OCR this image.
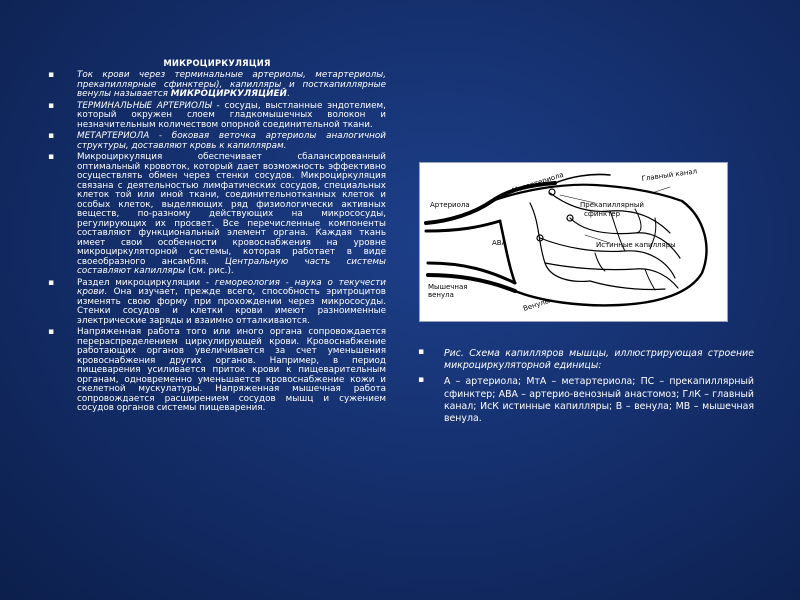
МИКРОЦИРКУЛЯЦИЯ
▪	Ток крови через терминальные артериолы, метартериолы, прекапиллярные сфинктеры), капилляры и посткапиллярные венулы называется МИКРОЦИРКУЛЯЦИЕЙ.
▪	ТЕРМИНАЛЬНЫЕ АРТЕРИОЛЫ - сосуды, выстланные эндотелием, который окружен слоем гладкомышечных волокон и незначительным количеством опорной соединительной ткани.
▪	МЕТАРТЕРИОЛА - боковая веточка артериолы аналогичной структуры, доставляют кровь к капиллярам.
▪	Микроциркуляция обеспечивает сбалансированный оптимальный кровоток, который дает возможность эффективно осуществлять обмен через стенки сосудов. Микроциркуляция связана с деятельностью лимфатических сосудов, специальных клеток той или иной ткани, соединительнотканных клеток и особых клеток, выделяющих ряд физиологически активных веществ, по-разному действующих на микрососуды, регулирующих их просвет. Все перечисленные компоненты составляют функциональный элемент органа. Каждая ткань имеет свои особенности кровоснабжения на уровне микроциркуляторной системы, которая работает в виде своеобразного ансамбля. Центральную часть системы составляют капилляры (см. рис.).
▪	Раздел микроциркуляции - гемореология - наука о текучести крови. Она изучает, прежде всего, способность эритроцитов изменять свою форму при прохождении через микрососуды. Стенки сосудов и клетки крови имеют разноименные электрические заряды и взаимно отталкиваются.
▪	Напряженная работа того или иного органа сопровождается перераспределением циркулирующей крови. Кровоснабжение работающих органов увеличивается за счет уменьшения кровоснабжения других органов. Например, в период пищеварения усиливается приток крови к пищеварительным органам, одновременно уменьшается кровоснабжение кожи и скелетной мускулатуры. Напряженная мышечная работа сопровождается расширением сосудов мышц и сужением сосудов органов системы пищеварения.
Артериола
Метартериола	Главный канал
Прекапиллярный
сфинктер
АВА	Истинные капилляры
Мышечная
венула
Венулы
▪ Рис. Схема капилляров мышцы, иллюстрирующая строение микроциркуляторной единицы:
▪ А – артериола; МтА – метартериола; ПС – прекапиллярный сфинктер; АВА – артерио-венозный анастомоз; ГлК – главный канал; ИсК истинные капилляры; В – венула; МВ – мышечная венула.
